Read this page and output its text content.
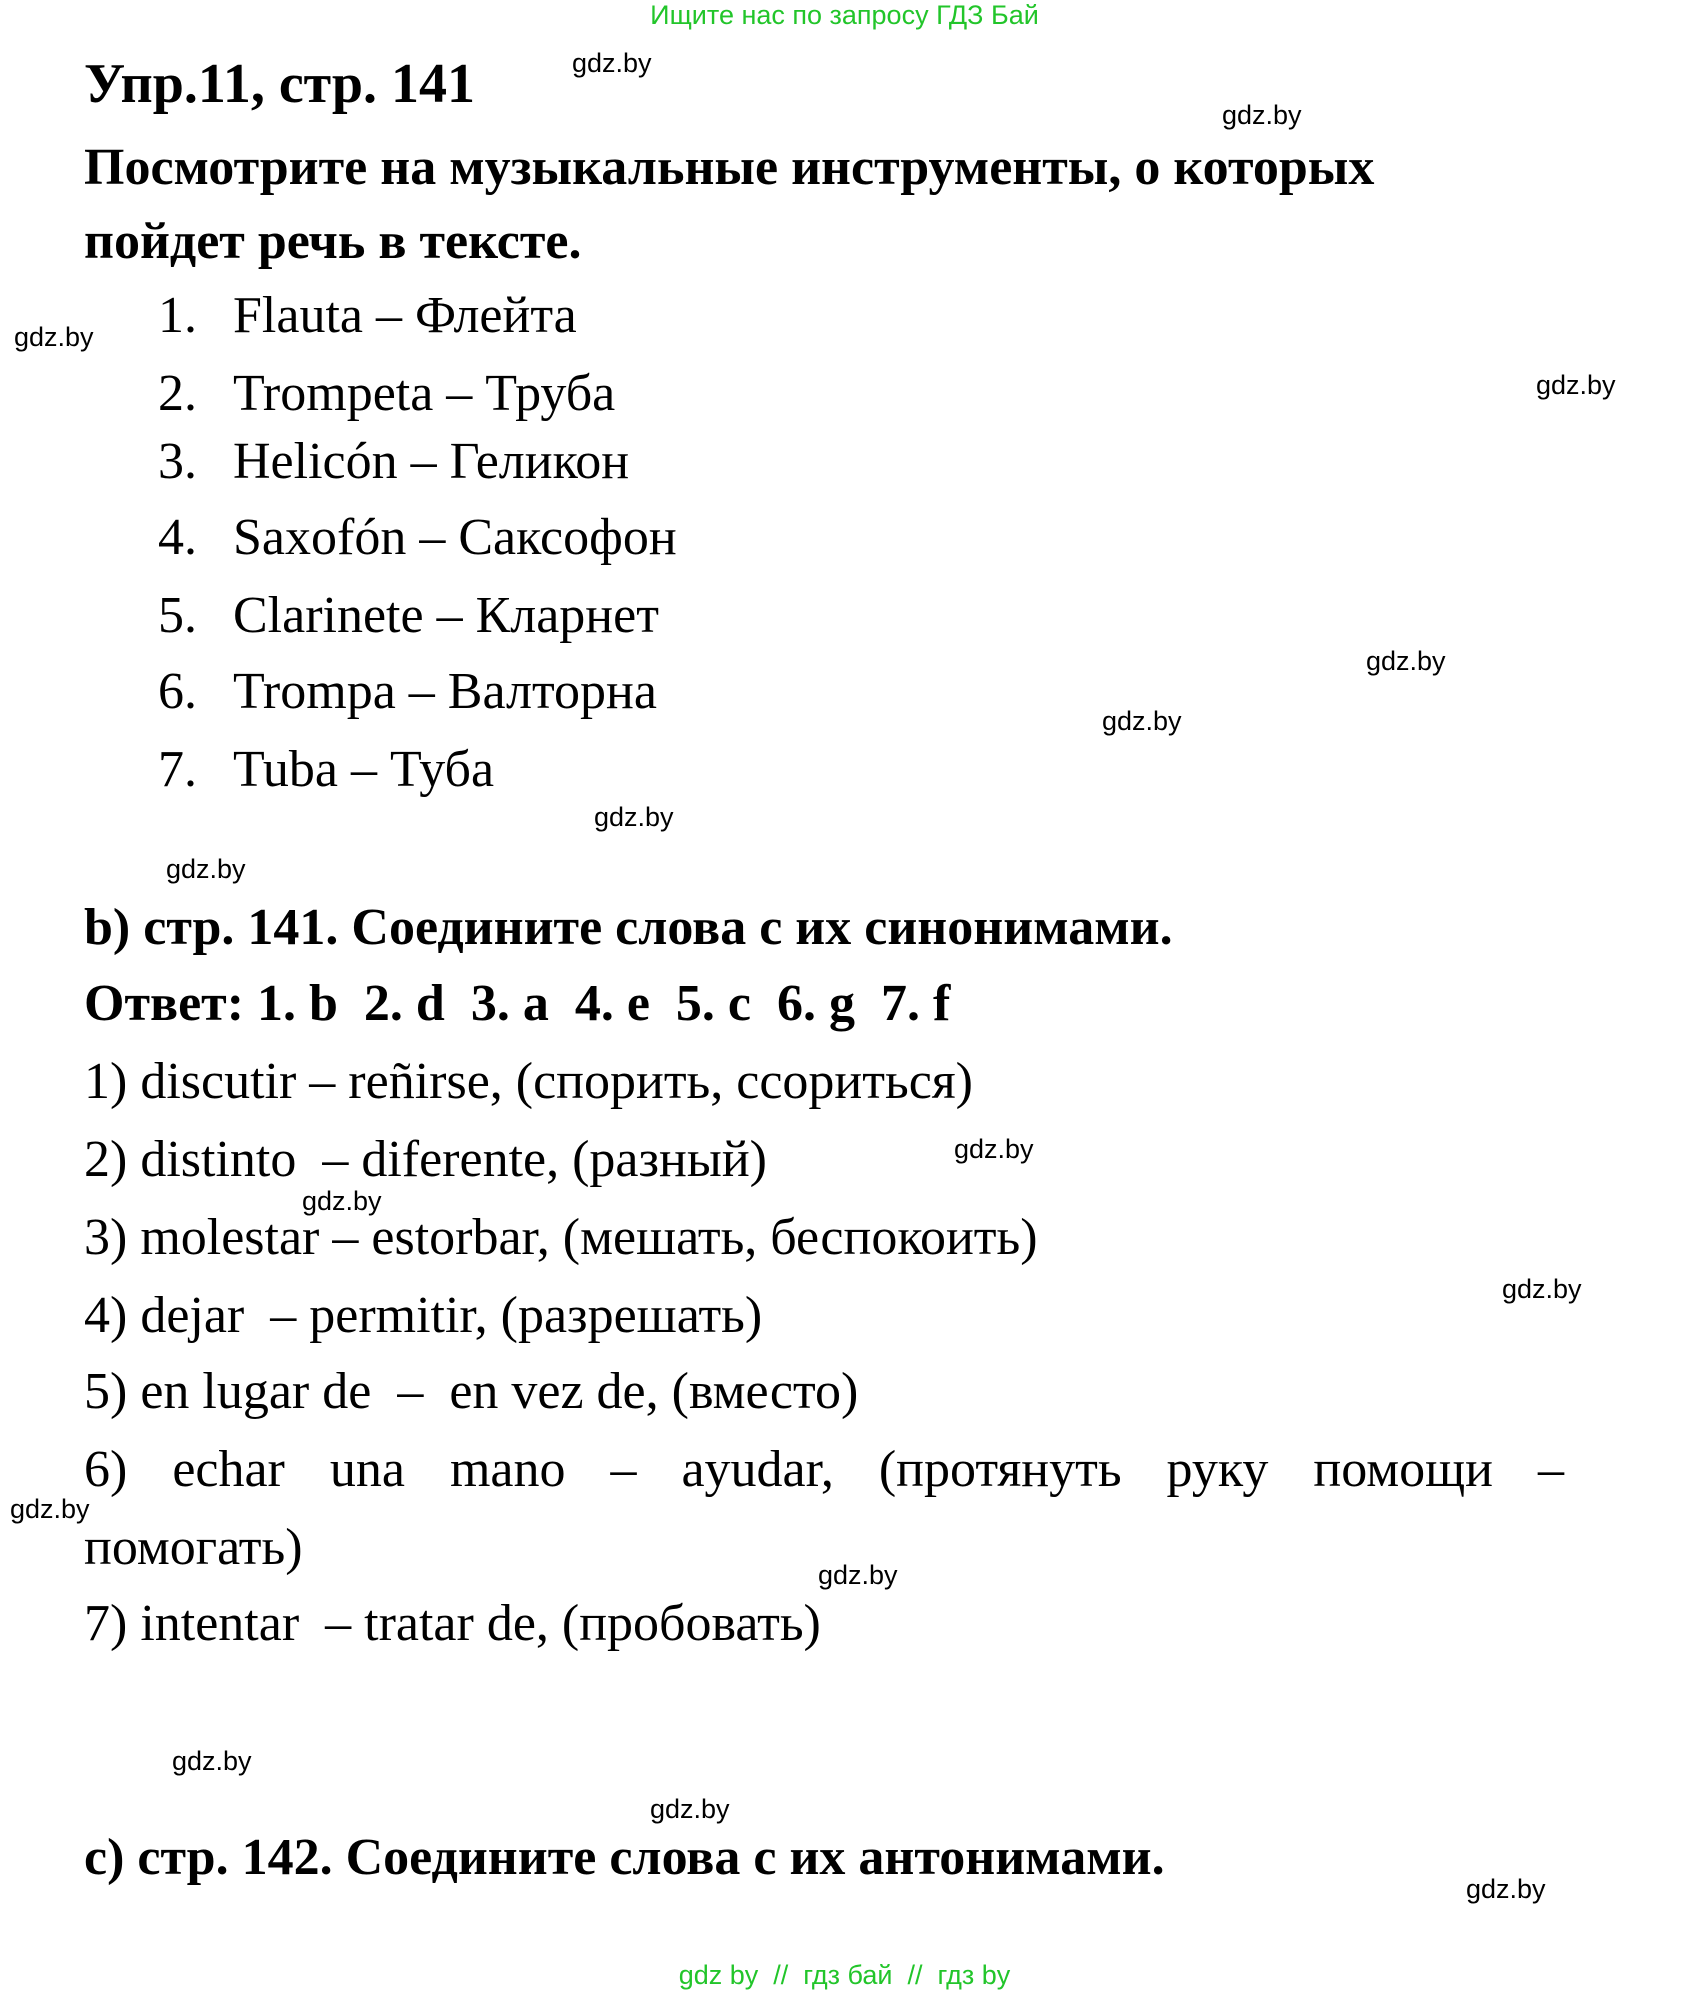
Ищите нас по запросу ГДЗ Бай
Упр.11, стр. 141
Посмотрите на музыкальные инструменты, о которых
пойдет речь в тексте.
1. Flauta – Флейта
2. Trompeta – Труба
3. Helicón – Геликон
4. Saxofón – Саксофон
5. Clarinete – Кларнет
6. Trompa – Валторна
7. Tuba – Туба
b) стр. 141. Соедините слова с их синонимами.
Ответ: 1. b  2. d  3. a  4. e  5. c  6. g  7. f
1) discutir – reñirse, (спорить, ссориться)
2) distinto  – diferente, (разный)
3) molestar – estorbar, (мешать, беспокоить)
4) dejar  – permitir, (разрешать)
5) en lugar de  –  en vez de, (вместо)
6) echar una mano – ayudar, (протянуть руку помощи –
помогать)
7) intentar  – tratar de, (пробовать)
c) стр. 142. Соедините слова с их антонимами.
gdz.by
gdz.by
gdz.by
gdz.by
gdz.by
gdz.by
gdz.by
gdz.by
gdz.by
gdz.by
gdz.by
gdz.by
gdz.by
gdz.by
gdz.by
gdz.by
gdz by  //  гдз бай  //  гдз by
